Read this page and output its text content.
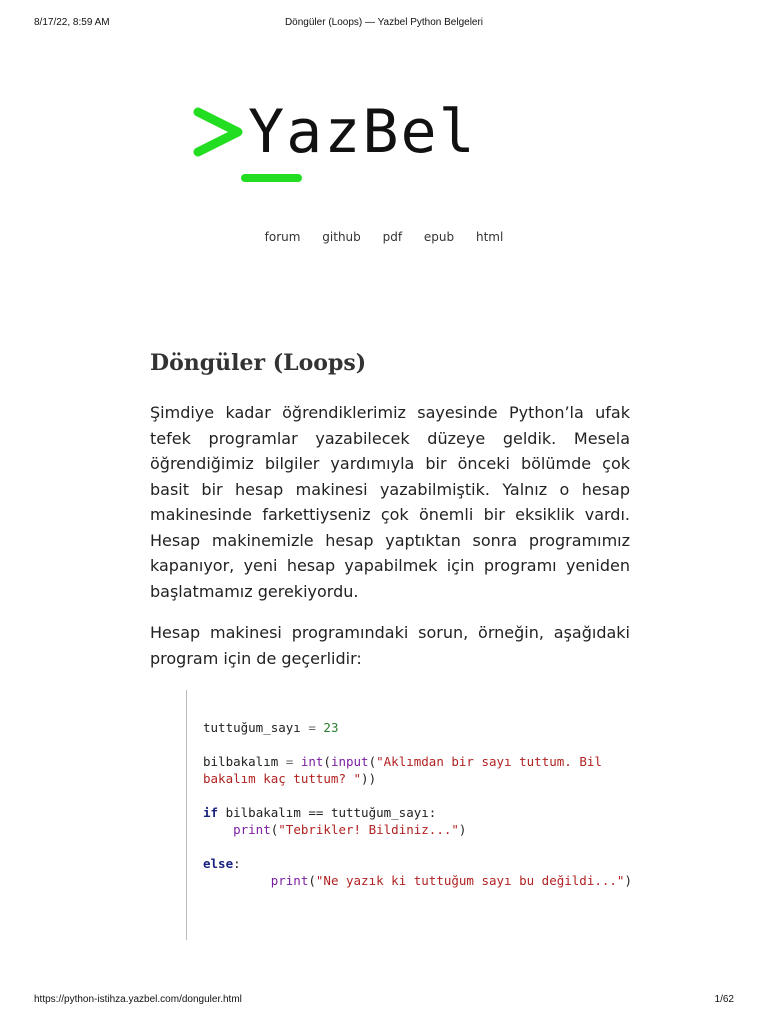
8/17/22, 8:59 AM	Döngüler (Loops) — Yazbel Python Belgeleri
YazBel
forum github pdf epub html
Döngüler (Loops)

Şimdiye kadar öğrendiklerimiz sayesinde Python’la ufak tefek programlar yazabilecek düzeye geldik. Mesela öğrendiğimiz bilgiler yardımıyla bir önceki bölümde çok basit bir hesap makinesi yazabilmiştik. Yalnız o hesap makinesinde farkettiyseniz çok önemli bir eksiklik vardı. Hesap makinemizle hesap yaptıktan sonra programımız kapanıyor, yeni hesap yapabilmek için programı yeniden başlatmamız gerekiyordu.

Hesap makinesi programındaki sorun, örneğin, aşağıdaki program için de geçerlidir:

tuttuğum_sayı = 23

bilbakalım = int(input("Aklımdan bir sayı tuttum. Bil bakalım kaç tuttum? "))

if bilbakalım == tuttuğum_sayı:
print("Tebrikler! Bildiniz...")

else:

print("Ne yazık ki tuttuğum sayı bu değildi...")
https://python-istihza.yazbel.com/donguler.html	1/62
